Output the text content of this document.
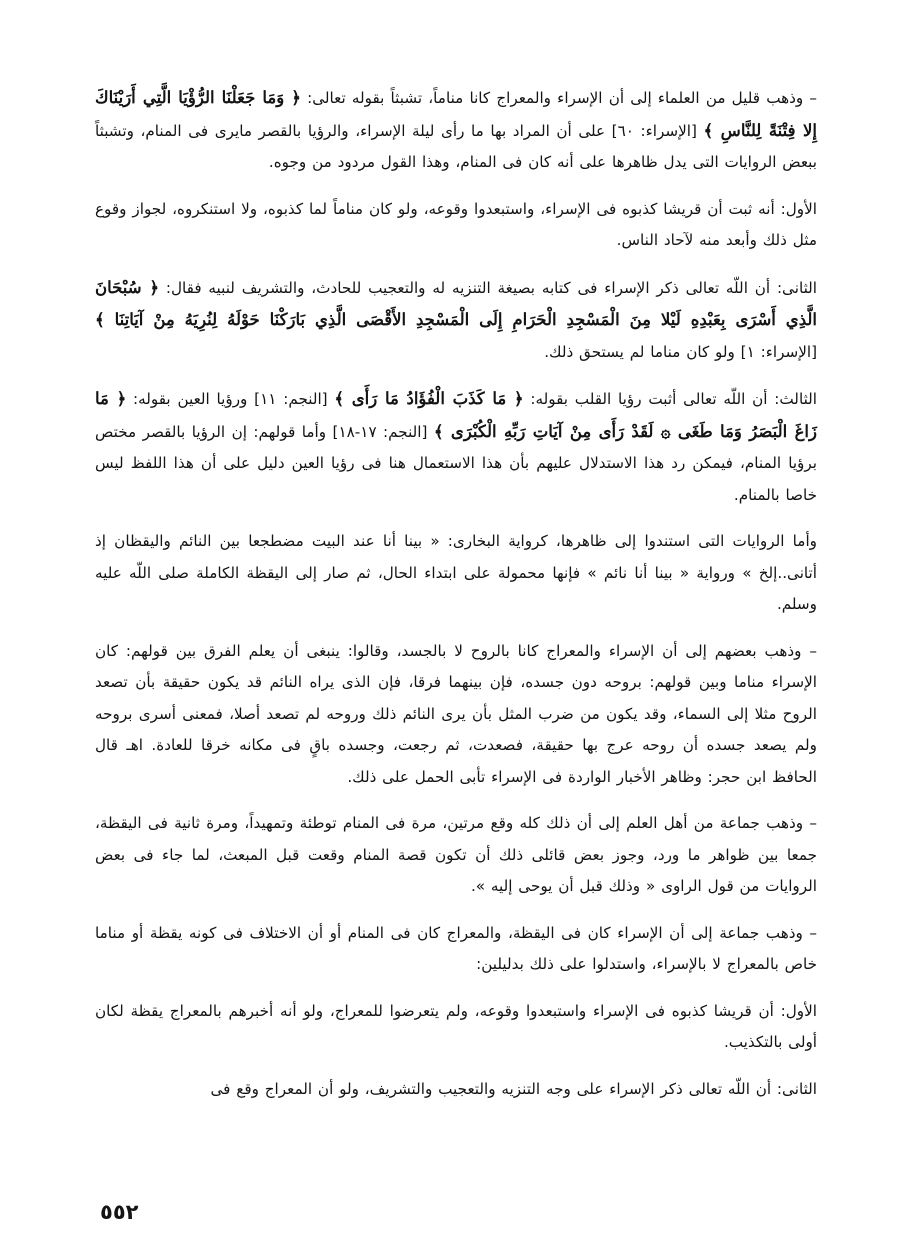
– وذهب قليل من العلماء إلى أن الإسراء والمعراج كانا مناماً، تشبثاً بقوله تعالى: ﴿ وَمَا جَعَلْنَا الرُّؤْيَا الَّتِي أَرَيْنَاكَ إِلا فِتْنَةً لِلنَّاسِ ﴾ [الإسراء: ٦٠] على أن المراد بها ما رأى ليلة الإسراء، والرؤيا بالقصر مايرى فى المنام، وتشبثاً ببعض الروايات التى يدل ظاهرها على أنه كان فى المنام، وهذا القول مردود من وجوه.

الأول: أنه ثبت أن قريشا كذبوه فى الإسراء، واستبعدوا وقوعه، ولو كان مناماً لما كذبوه، ولا استنكروه، لجواز وقوع مثل ذلك وأبعد منه لآحاد الناس.

الثانى: أن اللّه تعالى ذكر الإسراء فى كتابه بصيغة التنزيه له والتعجيب للحادث، والتشريف لنبيه فقال: ﴿ سُبْحَانَ الَّذِي أَسْرَى بِعَبْدِهِ لَيْلا مِنَ الْمَسْجِدِ الْحَرَامِ إِلَى الْمَسْجِدِ الأَقْصَى الَّذِي بَارَكْنَا حَوْلَهُ لِنُرِيَهُ مِنْ آيَاتِنَا ﴾ [الإسراء: ١] ولو كان مناما لم يستحق ذلك.

الثالث: أن اللّه تعالى أثبت رؤيا القلب بقوله: ﴿ مَا كَذَبَ الْفُؤَادُ مَا رَأَى ﴾ [النجم: ١١] ورؤيا العين بقوله: ﴿ مَا زَاغَ الْبَصَرُ وَمَا طَغَى ۞ لَقَدْ رَأَى مِنْ آيَاتِ رَبِّهِ الْكُبْرَى ﴾ [النجم: ١٧-١٨] وأما قولهم: إن الرؤيا بالقصر مختص برؤيا المنام، فيمكن رد هذا الاستدلال عليهم بأن هذا الاستعمال هنا فى رؤيا العين دليل على أن هذا اللفظ ليس خاصا بالمنام.

وأما الروايات التى استندوا إلى ظاهرها، كرواية البخارى: « بينا أنا عند البيت مضطجعا بين النائم واليقظان إذ أتانى..إلخ » ورواية « بينا أنا نائم » فإنها محمولة على ابتداء الحال، ثم صار إلى اليقظة الكاملة صلى اللّه عليه وسلم.

– وذهب بعضهم إلى أن الإسراء والمعراج كانا بالروح لا بالجسد، وقالوا: ينبغى أن يعلم الفرق بين قولهم: كان الإسراء مناما وبين قولهم: بروحه دون جسده، فإن بينهما فرقا، فإن الذى يراه النائم قد يكون حقيقة بأن تصعد الروح مثلا إلى السماء، وقد يكون من ضرب المثل بأن يرى النائم ذلك وروحه لم تصعد أصلا، فمعنى أسرى بروحه ولم يصعد جسده أن روحه عرج بها حقيقة، فصعدت، ثم رجعت، وجسده باقٍ فى مكانه خرقا للعادة. اهـ قال الحافظ ابن حجر: وظاهر الأخبار الواردة فى الإسراء تأبى الحمل على ذلك.

– وذهب جماعة من أهل العلم إلى أن ذلك كله وقع مرتين، مرة فى المنام توطئة وتمهيداً، ومرة ثانية فى اليقظة، جمعا بين ظواهر ما ورد، وجوز بعض قائلى ذلك أن تكون قصة المنام وقعت قبل المبعث، لما جاء فى بعض الروايات من قول الراوى « وذلك قبل أن يوحى إليه ».

– وذهب جماعة إلى أن الإسراء كان فى اليقظة، والمعراج كان فى المنام أو أن الاختلاف فى كونه يقظة أو مناما خاص بالمعراج لا بالإسراء، واستدلوا على ذلك بدليلين:

الأول: أن قريشا كذبوه فى الإسراء واستبعدوا وقوعه، ولم يتعرضوا للمعراج، ولو أنه أخبرهم بالمعراج يقظة لكان أولى بالتكذيب.

الثانى: أن اللّه تعالى ذكر الإسراء على وجه التنزيه والتعجيب والتشريف، ولو أن المعراج وقع فى

٥٥٢
